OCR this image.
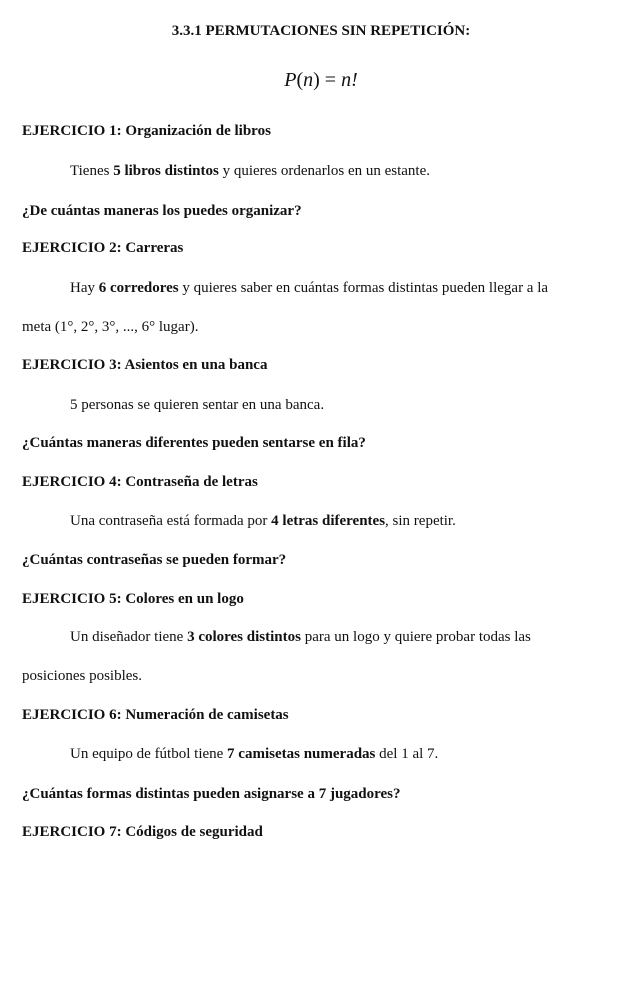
3.3.1 PERMUTACIONES SIN REPETICIÓN:
P(n) = n!
EJERCICIO 1: Organización de libros
Tienes 5 libros distintos y quieres ordenarlos en un estante.
¿De cuántas maneras los puedes organizar?
EJERCICIO 2: Carreras
Hay 6 corredores y quieres saber en cuántas formas distintas pueden llegar a la
meta (1°, 2°, 3°, ..., 6° lugar).
EJERCICIO 3: Asientos en una banca
5 personas se quieren sentar en una banca.
¿Cuántas maneras diferentes pueden sentarse en fila?
EJERCICIO 4: Contraseña de letras
Una contraseña está formada por 4 letras diferentes, sin repetir.
¿Cuántas contraseñas se pueden formar?
EJERCICIO 5: Colores en un logo
Un diseñador tiene 3 colores distintos para un logo y quiere probar todas las
posiciones posibles.
EJERCICIO 6: Numeración de camisetas
Un equipo de fútbol tiene 7 camisetas numeradas del 1 al 7.
¿Cuántas formas distintas pueden asignarse a 7 jugadores?
EJERCICIO 7: Códigos de seguridad
